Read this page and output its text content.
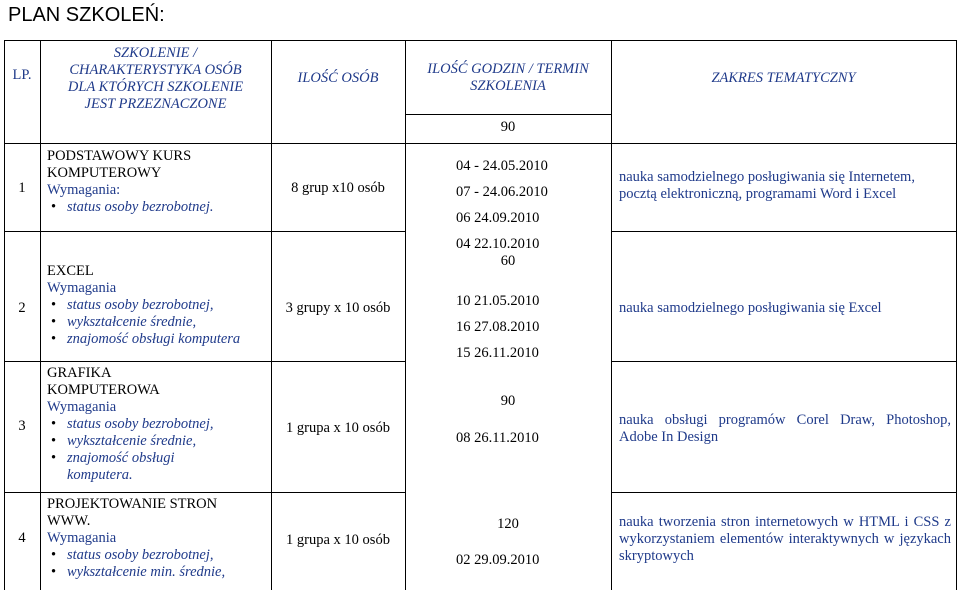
PLAN SZKOLEŃ:
LP.
SZKOLENIE /
CHARAKTERYSTYKA OSÓB
DLA KTÓRYCH SZKOLENIE
JEST PRZEZNACZONE
ILOŚĆ OSÓB
ILOŚĆ GODZIN / TERMIN
SZKOLENIA	ZAKRES TEMATYCZNY
1
PODSTAWOWY KURS
KOMPUTEROWY
Wymagania:
• status osoby bezrobotnej.
8 grup x10 osób
90
04 - 24.05.2010
07 - 24.06.2010
06 24.09.2010
04 22.10.2010
nauka samodzielnego posługiwania się Internetem, pocztą elektroniczną, programami Word i Excel
2
EXCEL
Wymagania
• status osoby bezrobotnej,
• wykształcenie średnie,
• znajomość obsługi komputera
3 grupy x 10 osób
60
10 21.05.2010
16 27.08.2010
15 26.11.2010
nauka samodzielnego posługiwania się Excel
3
GRAFIKA
KOMPUTEROWA
Wymagania
• status osoby bezrobotnej,
• wykształcenie średnie,
• znajomość obsługi komputera.
1 grupa x 10 osób
90
08 26.11.2010
nauka obsługi programów Corel Draw, Photoshop, Adobe In Design
4
PROJEKTOWANIE STRON
WWW.
Wymagania
• status osoby bezrobotnej,
• wykształcenie min. średnie,
1 grupa x 10 osób
120
02 29.09.2010
nauka tworzenia stron internetowych w HTML i CSS z wykorzystaniem elementów interaktywnych w językach skryptowych
